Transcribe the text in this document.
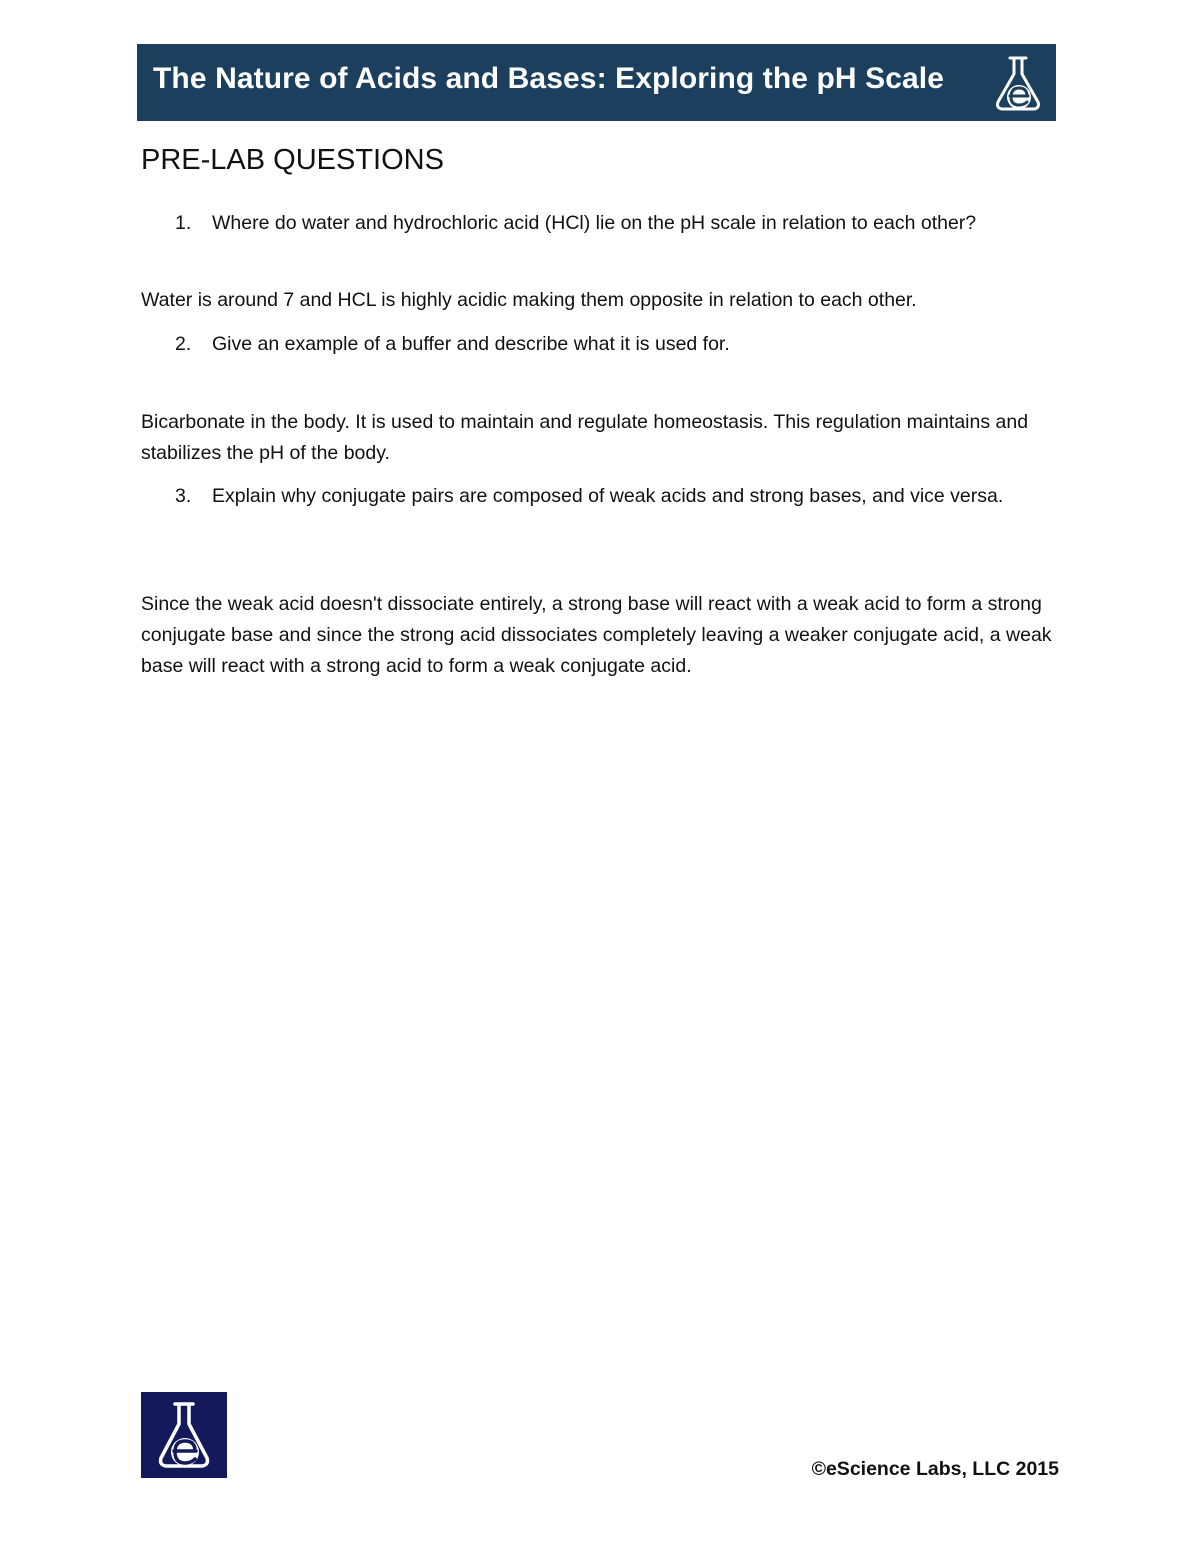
The Nature of Acids and Bases: Exploring the pH Scale
PRE-LAB QUESTIONS
1. Where do water and hydrochloric acid (HCl) lie on the pH scale in relation to each other?
Water is around 7 and HCL is highly acidic making them opposite in relation to each other.
2. Give an example of a buffer and describe what it is used for.
Bicarbonate in the body. It is used to maintain and regulate homeostasis. This regulation maintains and stabilizes the pH of the body.
3. Explain why conjugate pairs are composed of weak acids and strong bases, and vice versa.
Since the weak acid doesn't dissociate entirely, a strong base will react with a weak acid to form a strong conjugate base and since the strong acid dissociates completely leaving a weaker conjugate acid, a weak base will react with a strong acid to form a weak conjugate acid.
©eScience Labs, LLC 2015
